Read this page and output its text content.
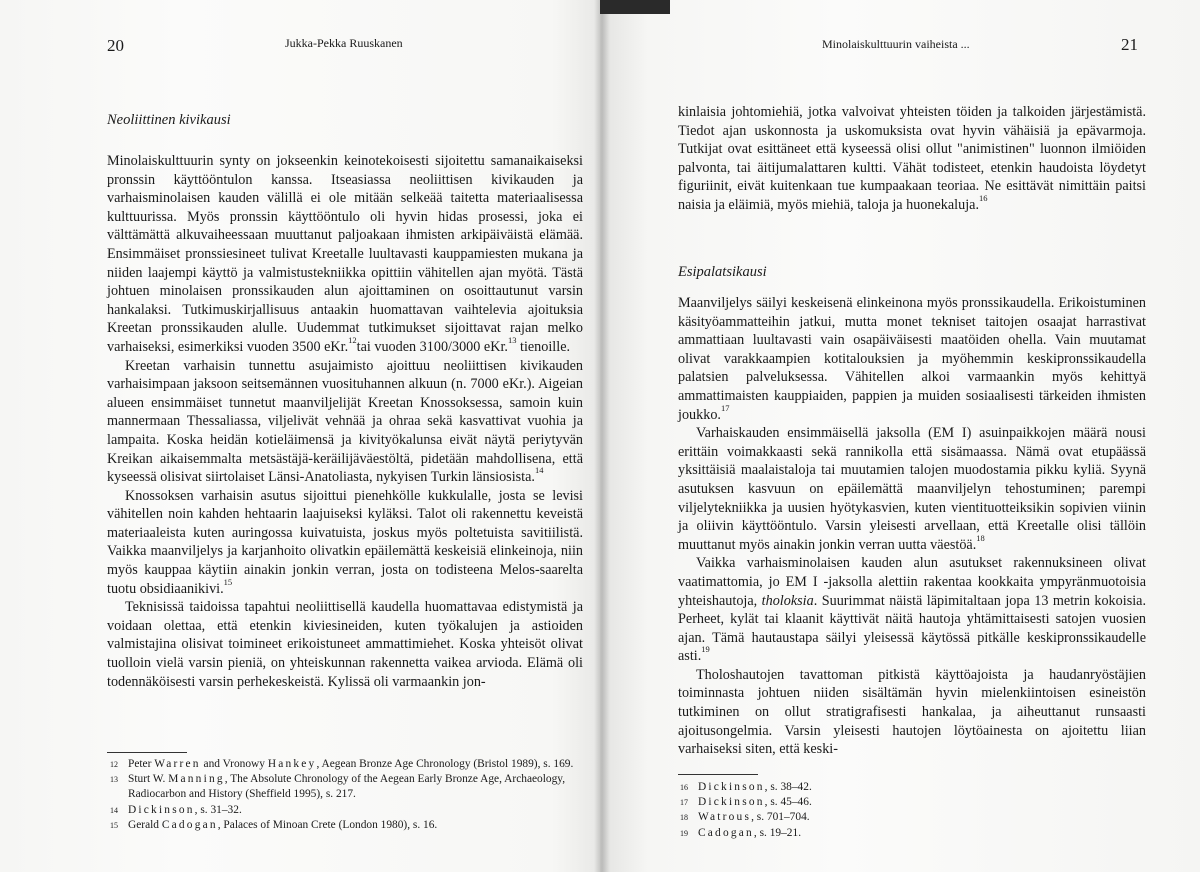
20	Jukka-Pekka Ruuskanen
Neoliittinen kivikausi

Minolaiskulttuurin synty on jokseenkin keinotekoisesti sijoitettu samanaikaiseksi pronssin käyttööntulon kanssa. Itseasiassa neoliittisen kivikauden ja varhaisminolaisen kauden välillä ei ole mitään selkeää taitetta materiaalisessa kulttuurissa. Myös pronssin käyttööntulo oli hyvin hidas prosessi, joka ei välttämättä alkuvaiheessaan muuttanut paljoakaan ihmisten arkipäiväistä elämää. Ensimmäiset pronssiesineet tulivat Kreetalle luultavasti kauppamiesten mukana ja niiden laajempi käyttö ja valmistustekniikka opittiin vähitellen ajan myötä. Tästä johtuen minolaisen pronssikauden alun ajoittaminen on osoittautunut varsin hankalaksi. Tutkimuskirjallisuus antaakin huomattavan vaihtelevia ajoituksia Kreetan pronssikauden alulle. Uudemmat tutkimukset sijoittavat rajan melko varhaiseksi, esimerkiksi vuoden 3500 eKr.$^{12}$tai vuoden 3100/3000 eKr.$^{13}$ tienoille.

Kreetan varhaisin tunnettu asujaimisto ajoittuu neoliittisen kivikauden varhaisimpaan jaksoon seitsemännen vuosituhannen alkuun (n. 7000 eKr.). Aigeian alueen ensimmäiset tunnetut maanviljelijät Kreetan Knossoksessa, samoin kuin mannermaan Thessaliassa, viljelivät vehnää ja ohraa sekä kasvattivat vuohia ja lampaita. Koska heidän kotieläimensä ja kivityökalunsa eivät näytä periytyvän Kreikan aikaisemmalta metsästäjä-keräilijäväestöltä, pidetään mahdollisena, että kyseessä olisivat siirtolaiset Länsi-Anatoliasta, nykyisen Turkin länsiosista.$^{14}$

Knossoksen varhaisin asutus sijoittui pienehkölle kukkulalle, josta se levisi vähitellen noin kahden hehtaarin laajuiseksi kyläksi. Talot oli rakennettu keveistä materiaaleista kuten auringossa kuivatuista, joskus myös poltetuista savitiilistä. Vaikka maanviljelys ja karjanhoito olivatkin epäilemättä keskeisiä elinkeinoja, niin myös kauppaa käytiin ainakin jonkin verran, josta on todisteena Melos-saarelta tuotu obsidiaanikivi.$^{15}$

Teknisissä taidoissa tapahtui neoliittisellä kaudella huomattavaa edistymistä ja voidaan olettaa, että etenkin kiviesineiden, kuten työkalujen ja astioiden valmistajina olisivat toimineet erikoistuneet ammattimiehet. Koska yhteisöt olivat tuolloin vielä varsin pieniä, on yhteiskunnan rakennetta vaikea arvioda. Elämä oli todennäköisesti varsin perhekeskeistä. Kylissä oli varmaankin jon-

12 Peter Warren and Vronowy Hankey, Aegean Bronze Age Chronology (Bristol 1989), s. 169.
13 Sturt W. Manning, The Absolute Chronology of the Aegean Early Bronze Age, Archaeology, Radiocarbon and History (Sheffield 1995), s. 217.
14 Dickinson, s. 31–32.
15 Gerald Cadogan, Palaces of Minoan Crete (London 1980), s. 16.
Minolaiskulttuurin vaiheista ...	21

kinlaisia johtomiehiä, jotka valvoivat yhteisten töiden ja talkoiden järjestämistä. Tiedot ajan uskonnosta ja uskomuksista ovat hyvin vähäisiä ja epävarmoja. Tutkijat ovat esittäneet että kyseessä olisi ollut "animistinen" luonnon ilmiöiden palvonta, tai äitijumalattaren kultti. Vähät todisteet, etenkin haudoista löydetyt figuriinit, eivät kuitenkaan tue kumpaakaan teoriaa. Ne esittävät nimittäin paitsi naisia ja eläimiä, myös miehiä, taloja ja huonekaluja.$^{16}$

Esipalatsikausi

Maanviljelys säilyi keskeisenä elinkeinona myös pronssikaudella. Erikoistuminen käsityöammatteihin jatkui, mutta monet tekniset taitojen osaajat harrastivat ammattiaan luultavasti vain osapäiväisesti maatöiden ohella. Vain muutamat olivat varakkaampien kotitalouksien ja myöhemmin keskipronssikaudella palatsien palveluksessa. Vähitellen alkoi varmaankin myös kehittyä ammattimaisten kauppiaiden, pappien ja muiden sosiaalisesti tärkeiden ihmisten joukko.$^{17}$

Varhaiskauden ensimmäisellä jaksolla (EM I) asuinpaikkojen määrä nousi erittäin voimakkaasti sekä rannikolla että sisämaassa. Nämä ovat etupäässä yksittäisiä maalaistaloja tai muutamien talojen muodostamia pikku kyliä. Syynä asutuksen kasvuun on epäilemättä maanviljelyn tehostuminen; parempi viljelytekniikka ja uusien hyötykasvien, kuten vientituotteiksikin sopivien viinin ja oliivin käyttööntulo. Varsin yleisesti arvellaan, että Kreetalle olisi tällöin muuttanut myös ainakin jonkin verran uutta väestöä.$^{18}$

Vaikka varhaisminolaisen kauden alun asutukset rakennuksineen olivat vaatimattomia, jo EM I -jaksolla alettiin rakentaa kookkaita ympyränmuotoisia yhteishautoja, tholoksia. Suurimmat näistä läpimitaltaan jopa 13 metrin kokoisia. Perheet, kylät tai klaanit käyttivät näitä hautoja yhtämittaisesti satojen vuosien ajan. Tämä hautaustapa säilyi yleisessä käytössä pitkälle keskipronssikaudelle asti.$^{19}$

Tholoshautojen tavattoman pitkistä käyttöajoista ja haudanryöstäjien toiminnasta johtuen niiden sisältämän hyvin mielenkiintoisen esineistön tutkiminen on ollut stratigrafisesti hankalaa, ja aiheuttanut runsaasti ajoitusongelmia. Varsin yleisesti hautojen löytöainesta on ajoitettu liian varhaiseksi siten, että keski-

16 Dickinson, s. 38–42.
17 Dickinson, s. 45–46.
18 Watrous, s. 701–704.
19 Cadogan, s. 19–21.
